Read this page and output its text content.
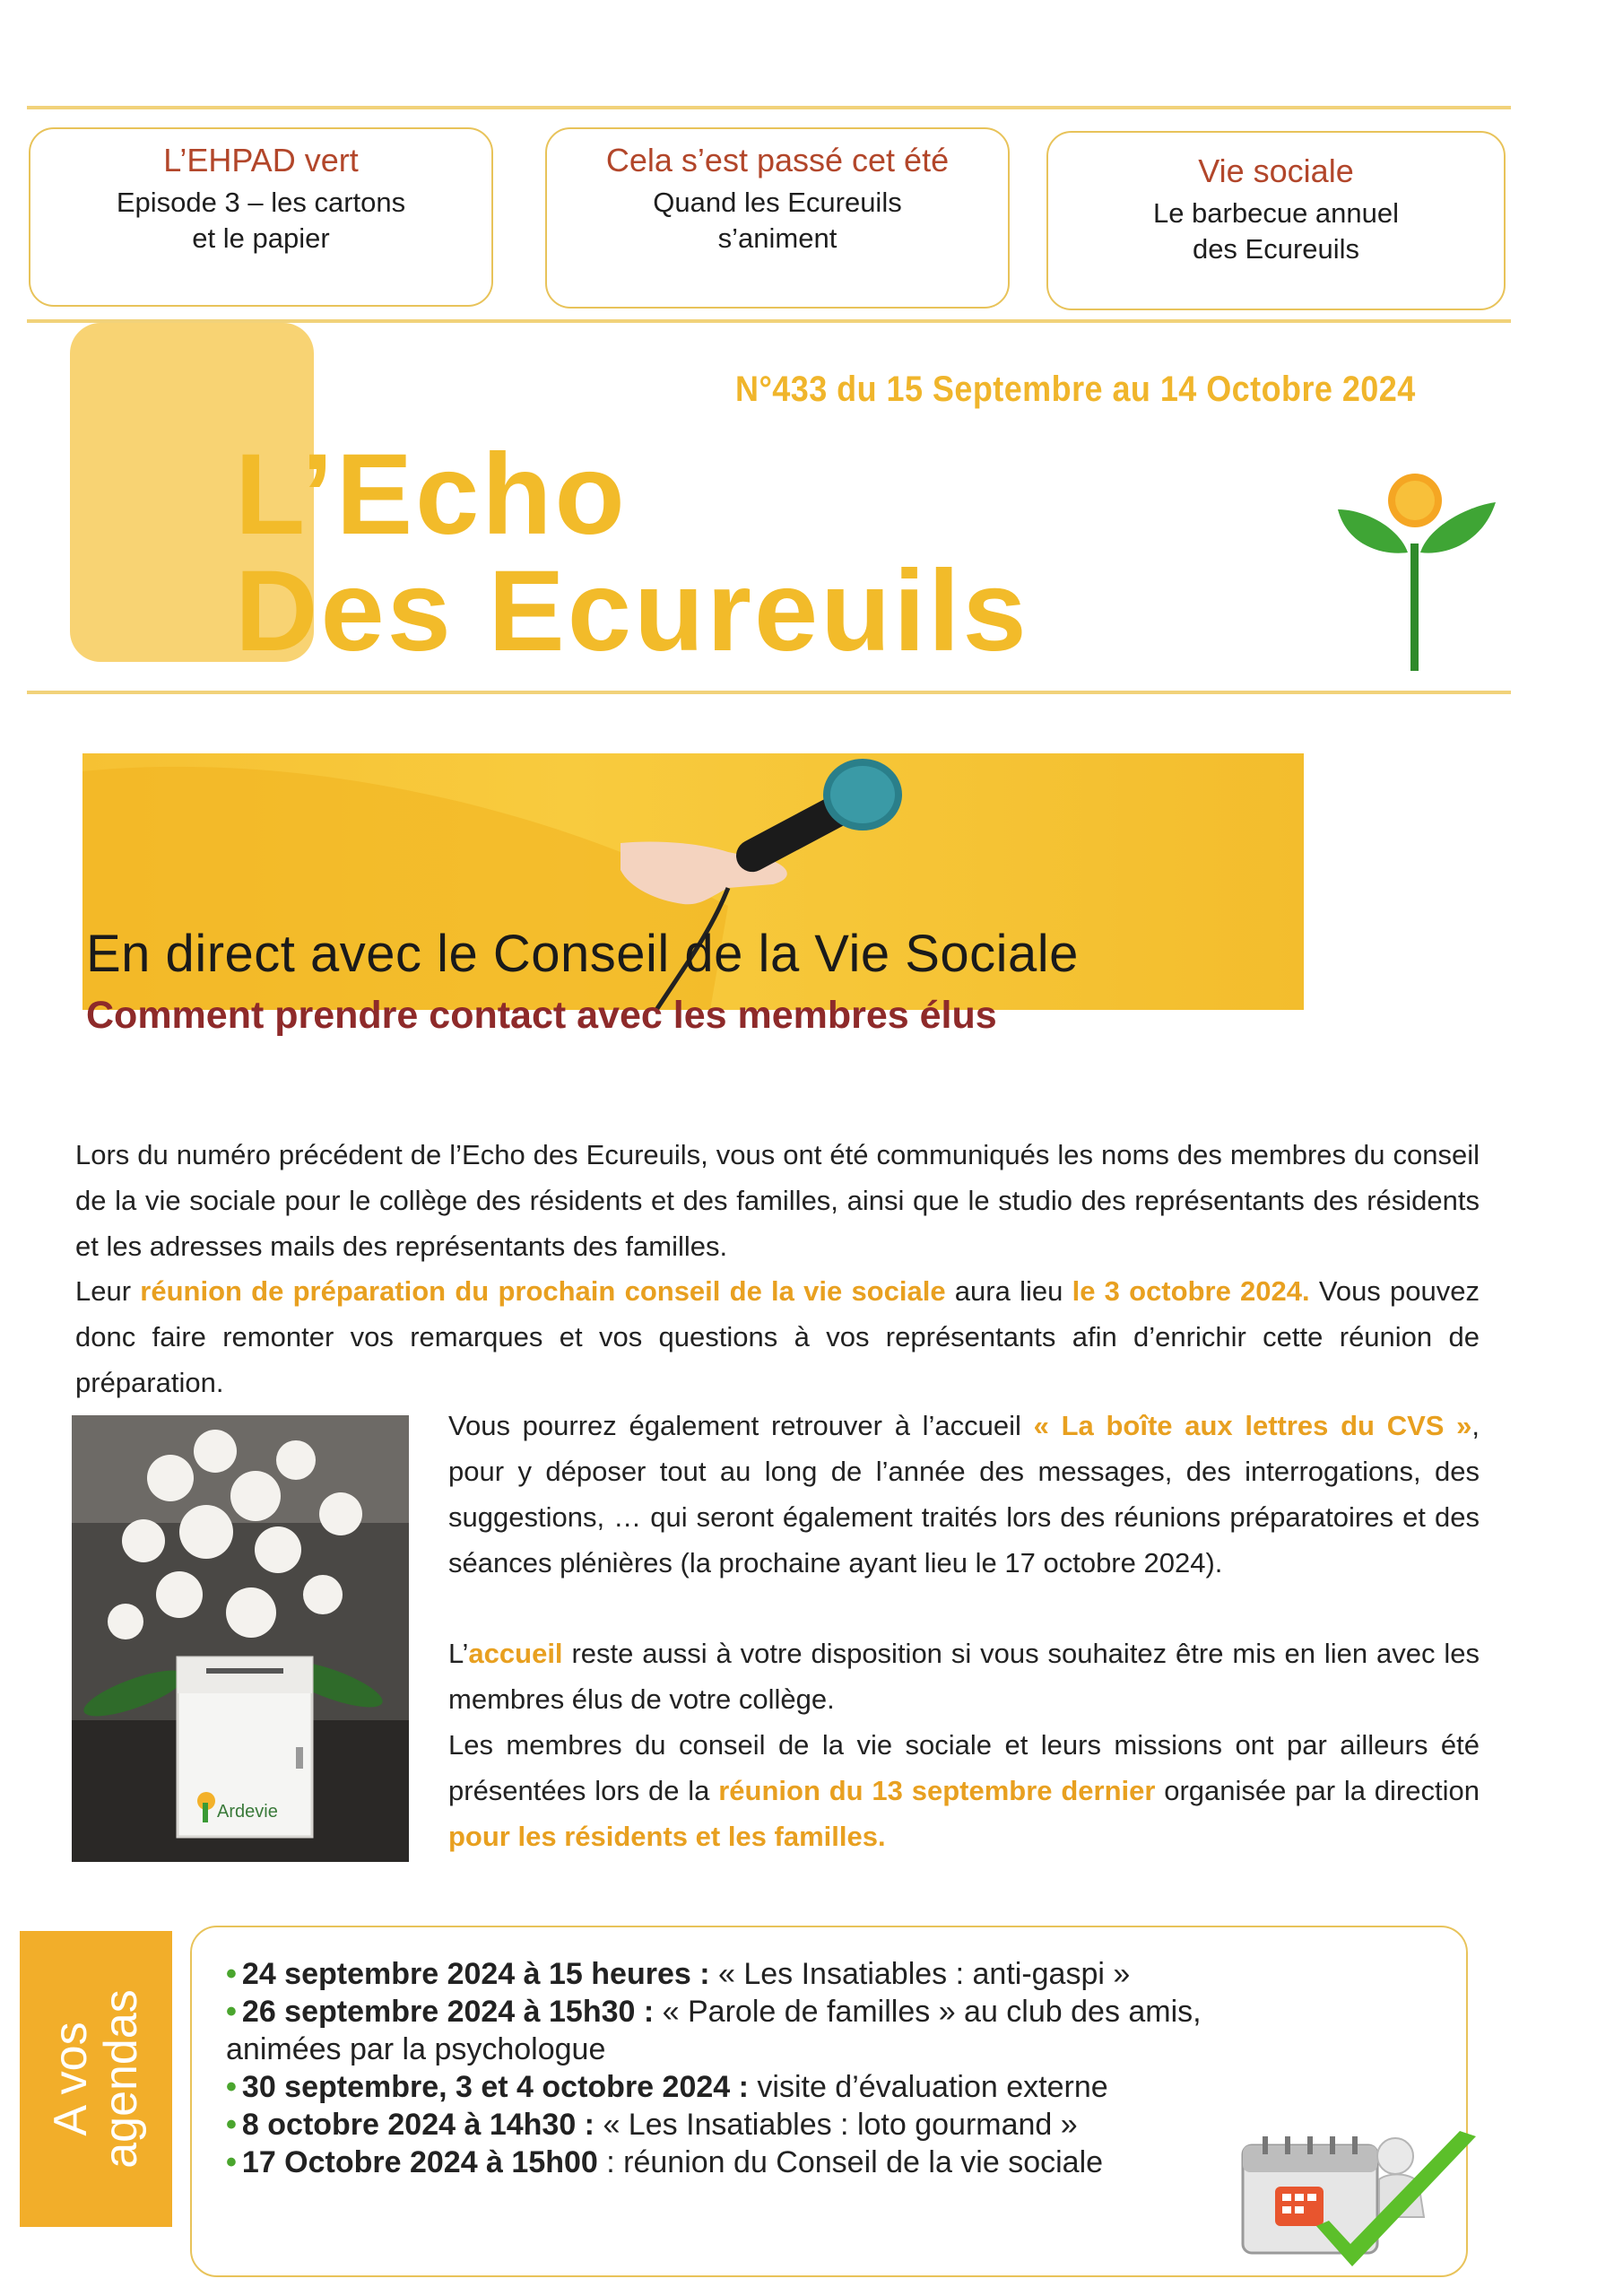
L’EHPAD vert
Episode 3 – les cartons
et le papier
Cela s’est passé cet été
Quand les Ecureuils
s’animent
Vie sociale
Le barbecue annuel
des Ecureuils
N°433 du 15 Septembre au 14 Octobre 2024
L’Echo
Des Ecureuils
En direct avec le Conseil de la Vie Sociale
Comment prendre contact avec les membres élus
Lors du numéro précédent de l’Echo des Ecureuils, vous ont été communiqués les noms des membres du conseil de la vie sociale pour le collège des résidents et des familles, ainsi que le studio des représentants des résidents et les adresses mails des représentants des familles.
Leur réunion de préparation du prochain conseil de la vie sociale aura lieu le 3 octobre 2024. Vous pouvez donc faire remonter vos remarques et vos questions à vos représentants afin d’enrichir cette réunion de préparation.
Ardevie
Vous pourrez également retrouver à l’accueil « La boîte aux lettres du CVS », pour y déposer tout au long de l’année des messages, des interrogations, des suggestions, … qui seront également traités lors des réunions préparatoires et des séances plénières (la prochaine ayant lieu le 17 octobre 2024).
L’accueil reste aussi à votre disposition si vous souhaitez être mis en lien avec les membres élus de votre collège.
Les membres du conseil de la vie sociale et leurs missions ont par ailleurs été présentées lors de la réunion du 13 septembre dernier organisée par la direction pour les résidents et les familles.
A vos
agendas

• 24 septembre 2024 à 15 heures : « Les Insatiables : anti-gaspi »

• 26 septembre 2024 à 15h30 : « Parole de familles » au club des amis, animées par la psychologue

• 30 septembre, 3 et 4 octobre 2024 : visite d’évaluation externe

• 8 octobre 2024 à 14h30 : « Les Insatiables : loto gourmand »

• 17 Octobre 2024 à 15h00 : réunion du Conseil de la vie sociale
